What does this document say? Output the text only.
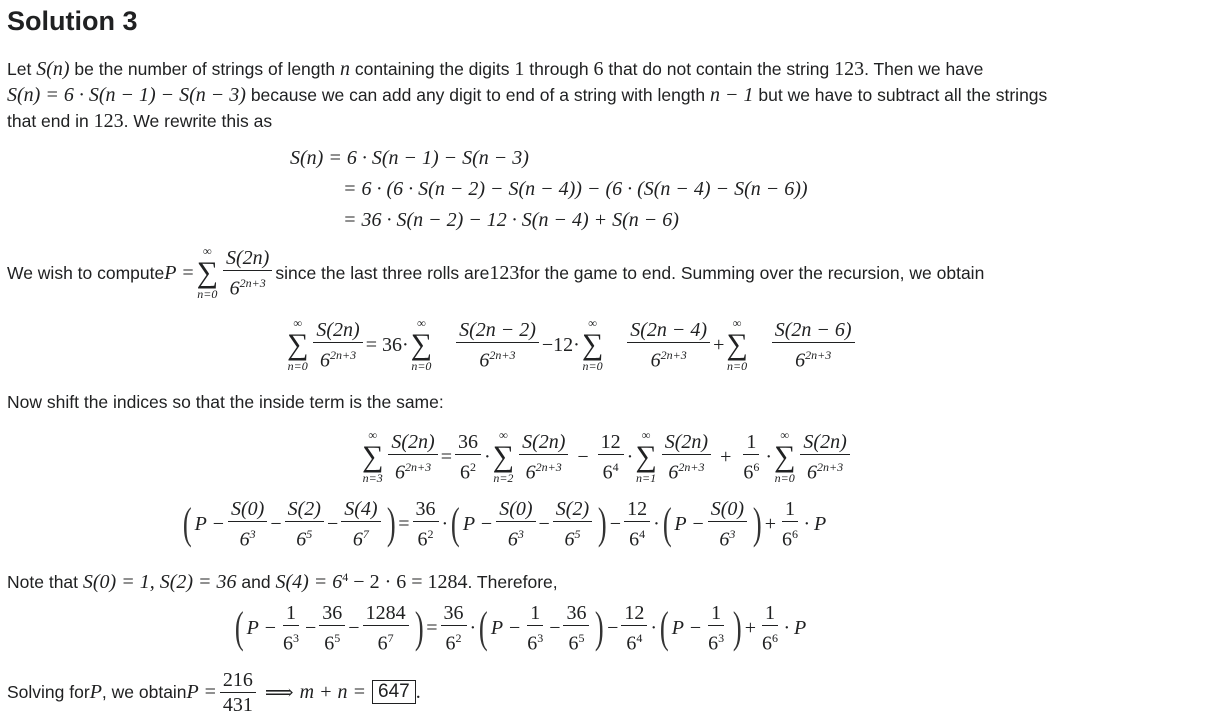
Solution 3
Let S(n) be the number of strings of length n containing the digits 1 through 6 that do not contain the string 123. Then we have
S(n) = 6 · S(n − 1) − S(n − 3) because we can add any digit to end of a string with length n − 1 but we have to subtract all the strings
that end in 123. We rewrite this as
S(n) = 6 · S(n − 1) − S(n − 3)
= 6 · (6 · S(n − 2) − S(n − 4)) − (6 · (S(n − 4) − S(n − 6))
= 36 · S(n − 2) − 12 · S(n − 4) + S(n − 6)
We wish to compute P =
∞
∑
$n=0 \frac{S(2n)}{6^{2n+3}}$ since the last three rolls are 123 for the game to end. Summing over the recursion, we obtain
∞
∑
$n=0 \frac{S(2n)}{6^{2n+3}} = 36\cdot$
∞
∑
$n=0 \frac{S(2n - 2)}{6^{2n+3}} -12\cdot$
∞
∑
$n=0 \frac{S(2n - 4)}{6^{2n+3}}$ +
∞
∑
$n=0 \frac{S(2n - 6)}{6^{2n+3}}$
Now shift the indices so that the inside term is the same:
∞
∑
$n=3 \frac{S(2n)}{6^{2n+3}} = \frac{36}{6^2}$ ·
∞
∑
$n=2 \frac{S(2n)}{6^{2n+3}} - \frac{12}{6^4}$ ·
∞
∑
$n=1 \frac{S(2n)}{6^{2n+3}} + \frac{1}{6^6}$ ·
∞
∑
$n=0 \frac{S(2n)}{6^{2n+3}}$
( $P - \frac{S(0)}{6^3} - \frac{S(2)}{6^5} - \frac{S(4)}{6^7}$ ) = $\frac{36}{6^2}$ · ( $P - \frac{S(0)}{6^3} - \frac{S(2)}{6^5}$ ) − $\frac{12}{6^4}$ · ( $P - \frac{S(0)}{6^3}$ ) + $\frac{1}{6^6} \cdot P$
Note that S(0) = 1, S(2) = 36 and $S(4) = 6^4 - 2 \cdot 6 = 1284$. Therefore,
( $P - \frac{1}{6^3} - \frac{36}{6^5} - \frac{1284}{6^7}$ ) = $\frac{36}{6^2}$ · ( $P - \frac{1}{6^3} - \frac{36}{6^5}$ ) − $\frac{12}{6^4}$ · ( $P - \frac{1}{6^3}$ ) + $\frac{1}{6^6} \cdot P$
Solving for P , we obtain $P = \frac{216}{431}$ ⟹ m + n = 647 .
